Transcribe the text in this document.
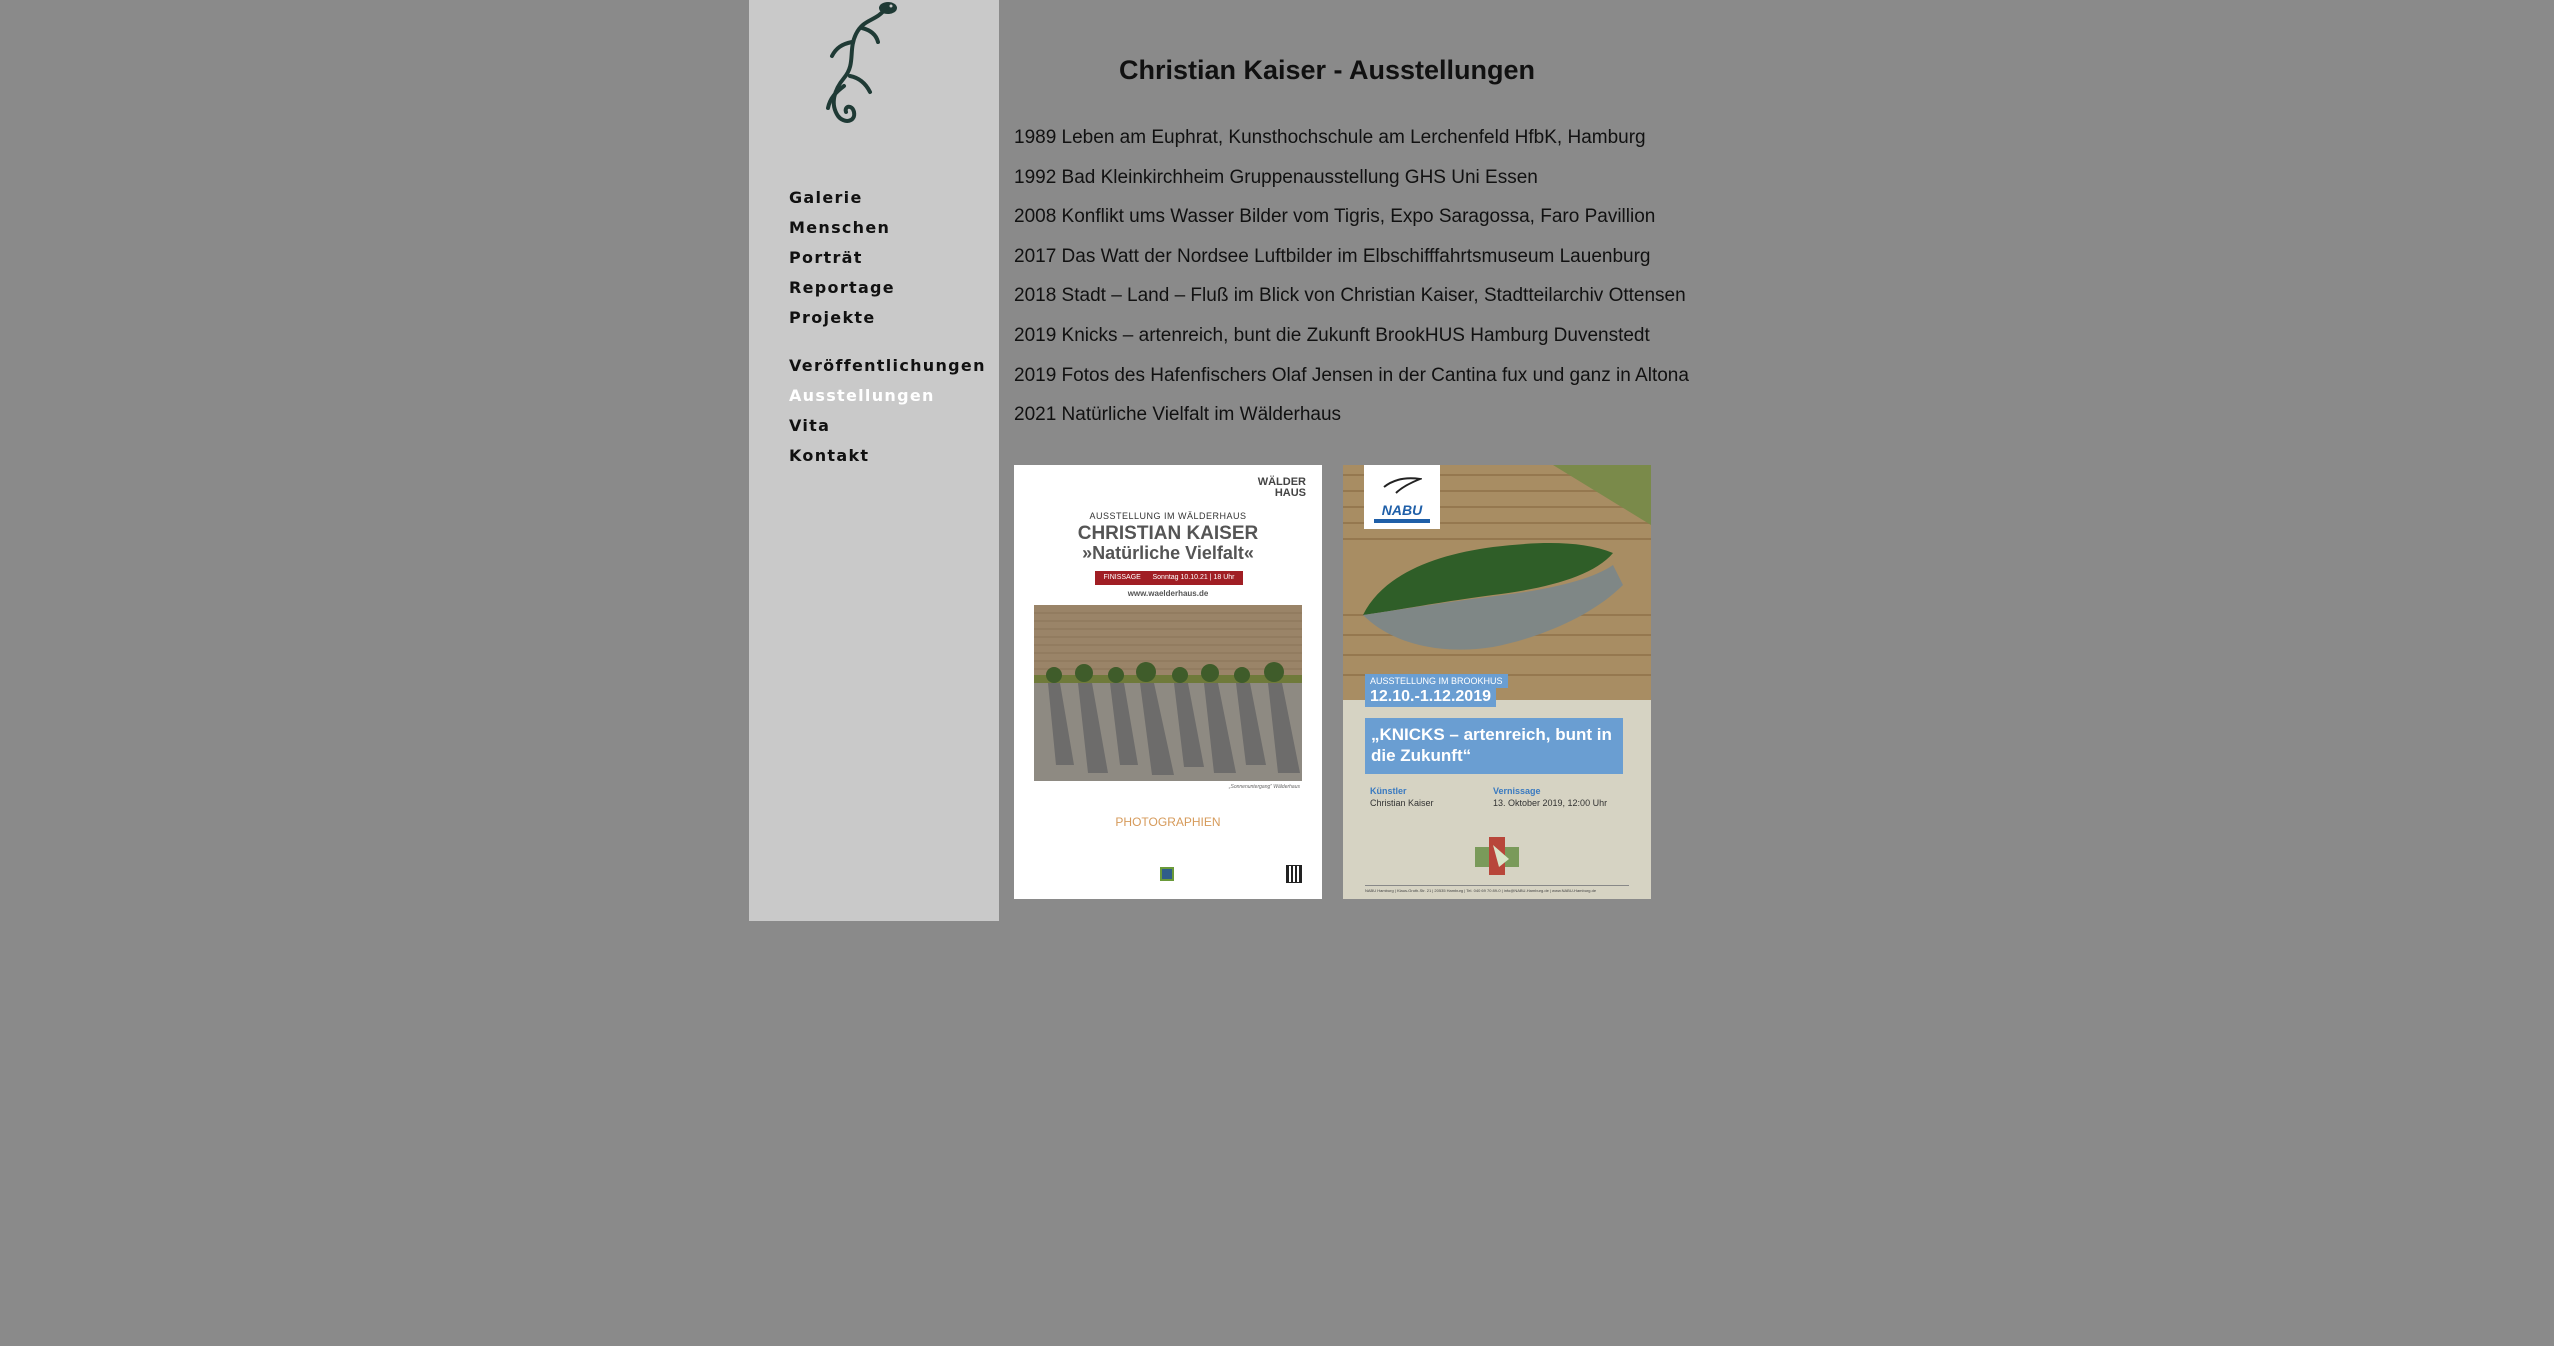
Galerie
Menschen
Porträt
Reportage
Projekte
Veröffentlichungen
Ausstellungen
Vita
Kontakt
Christian Kaiser - Ausstellungen
1989 Leben am Euphrat, Kunsthochschule am Lerchenfeld HfbK, Hamburg
1992 Bad Kleinkirchheim Gruppenausstellung GHS Uni Essen
2008 Konflikt ums Wasser Bilder vom Tigris, Expo Saragossa, Faro Pavillion
2017 Das Watt der Nordsee Luftbilder im Elbschifffahrtsmuseum Lauenburg
2018 Stadt – Land – Fluß im Blick von Christian Kaiser, Stadtteilarchiv Ottensen
2019 Knicks – artenreich, bunt die Zukunft BrookHUS Hamburg Duvenstedt
2019 Fotos des Hafenfischers Olaf Jensen in der Cantina fux und ganz in Altona
2021 Natürliche Vielfalt im Wälderhaus
WÄLDER
HAUS
AUSSTELLUNG IM WÄLDERHAUS
CHRISTIAN KAISER
»Natürliche Vielfalt«
FINISSAGE      Sonntag 10.10.21 | 18 Uhr
www.waelderhaus.de
„Sonnenuntergang“ Wälderhaus
PHOTOGRAPHIEN
NABU
AUSSTELLUNG IM BROOKHUS
12.10.-1.12.2019
„KNICKS – artenreich, bunt in
die Zukunft“
Künstler
Christian Kaiser
Vernissage
13. Oktober 2019, 12:00 Uhr
NABU Hamburg | Klaus-Groth-Str. 21 | 20535 Hamburg | Tel. 040 69 70 89-0 | info@NABU-Hamburg.de | www.NABU-Hamburg.de
